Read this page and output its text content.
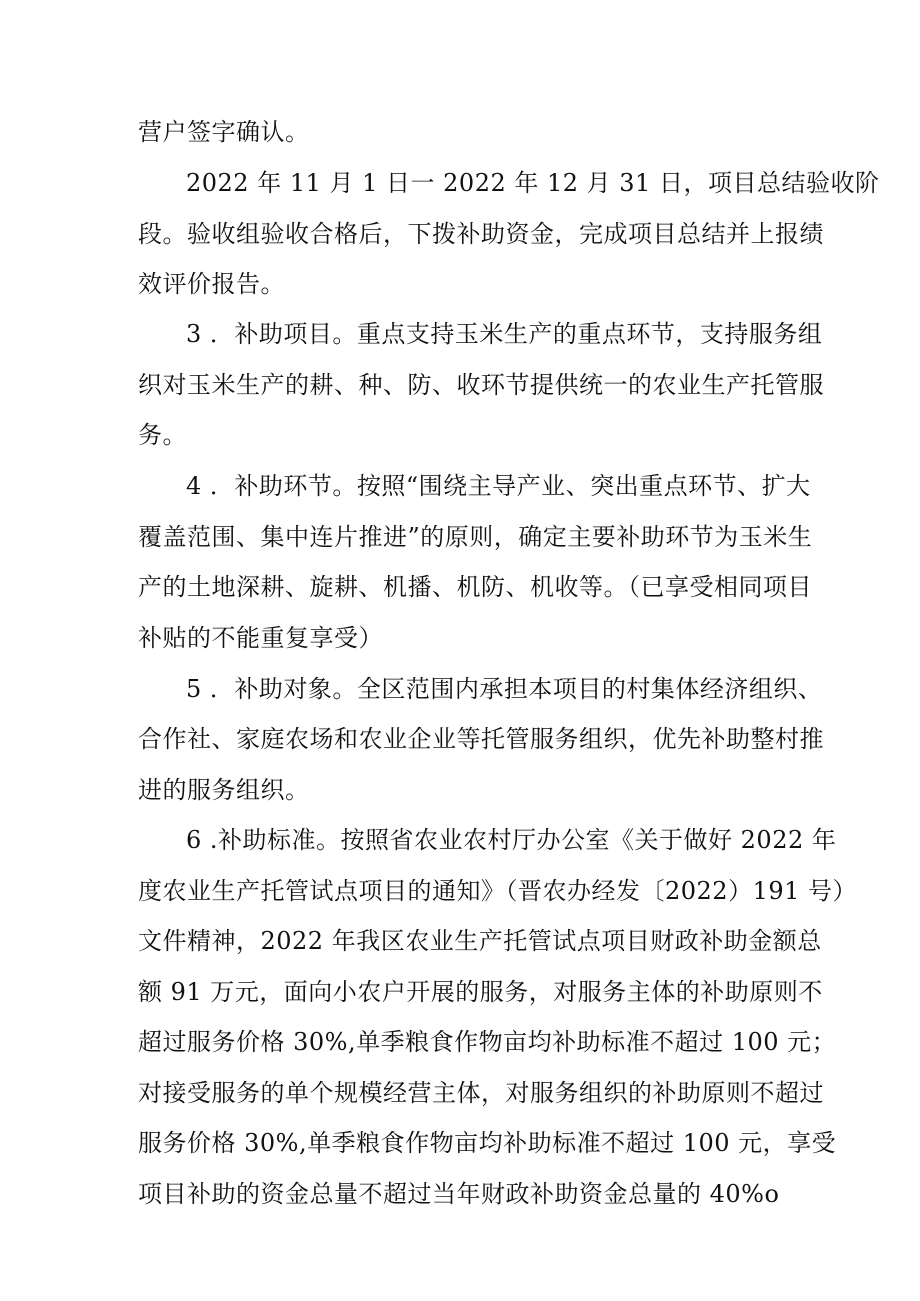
营户签字确认。
2022 年 11 月 1 日一 2022 年 12 月 31 日，项目总结验收阶
段。验收组验收合格后，下拨补助资金，完成项目总结并上报绩
效评价报告。
3 ．补助项目。重点支持玉米生产的重点环节，支持服务组
织对玉米生产的耕、种、防、收环节提供统一的农业生产托管服
务。
4 ．补助环节。按照“围绕主导产业、突出重点环节、扩大
覆盖范围、集中连片推进”的原则，确定主要补助环节为玉米生
产的土地深耕、旋耕、机播、机防、机收等。（已享受相同项目
补贴的不能重复享受）
5 ．补助对象。全区范围内承担本项目的村集体经济组织、
合作社、家庭农场和农业企业等托管服务组织，优先补助整村推
进的服务组织。
6 .补助标准。按照省农业农村厅办公室《关于做好 2022 年
度农业生产托管试点项目的通知》（晋农办经发〔2022）191 号）
文件精神，2022 年我区农业生产托管试点项目财政补助金额总
额 91 万元，面向小农户开展的服务，对服务主体的补助原则不
超过服务价格 30%,单季粮食作物亩均补助标准不超过 100 元；
对接受服务的单个规模经营主体，对服务组织的补助原则不超过
服务价格 30%,单季粮食作物亩均补助标准不超过 100 元，享受
项目补助的资金总量不超过当年财政补助资金总量的 40%o
